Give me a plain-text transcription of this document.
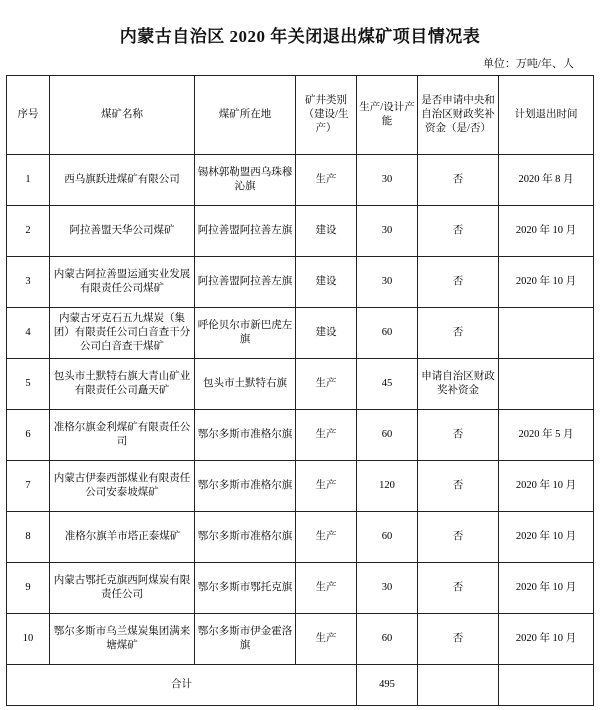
内蒙古自治区 2020 年关闭退出煤矿项目情况表
单位：万吨/年、人
序号	煤矿名称	煤矿所在地	矿井类别（建设/生产）	生产/设计产能	是否申请中央和自治区财政奖补资金（是/否）	计划退出时间
1	西乌旗跃进煤矿有限公司	锡林郭勒盟西乌珠穆沁旗	生产	30	否	2020 年 8 月
2	阿拉善盟天华公司煤矿	阿拉善盟阿拉善左旗	建设	30	否	2020 年 10 月
3	内蒙古阿拉善盟运通实业发展有限责任公司煤矿	阿拉善盟阿拉善左旗	建设	30	否	2020 年 10 月
4	内蒙古牙克石五九煤炭（集团）有限责任公司白音查干分公司白音查干煤矿	呼伦贝尔市新巴虎左旗	建设	60	否	
5	包头市土默特右旗大青山矿业有限责任公司矗天矿	包头市土默特右旗	生产	45	申请自治区财政奖补资金	
6	准格尔旗金利煤矿有限责任公司	鄂尔多斯市准格尔旗	生产	60	否	2020 年 5 月
7	内蒙古伊泰西部煤业有限责任公司安泰坡煤矿	鄂尔多斯市准格尔旗	生产	120	否	2020 年 10 月
8	准格尔旗羊市塔正泰煤矿	鄂尔多斯市准格尔旗	生产	60	否	2020 年 10 月
9	内蒙古鄂托克旗西阿煤炭有限责任公司	鄂尔多斯市鄂托克旗	生产	30	否	2020 年 10 月
10	鄂尔多斯市乌兰煤炭集团满来塘煤矿	鄂尔多斯市伊金霍洛旗	生产	60	否	2020 年 10 月
合计				495		
